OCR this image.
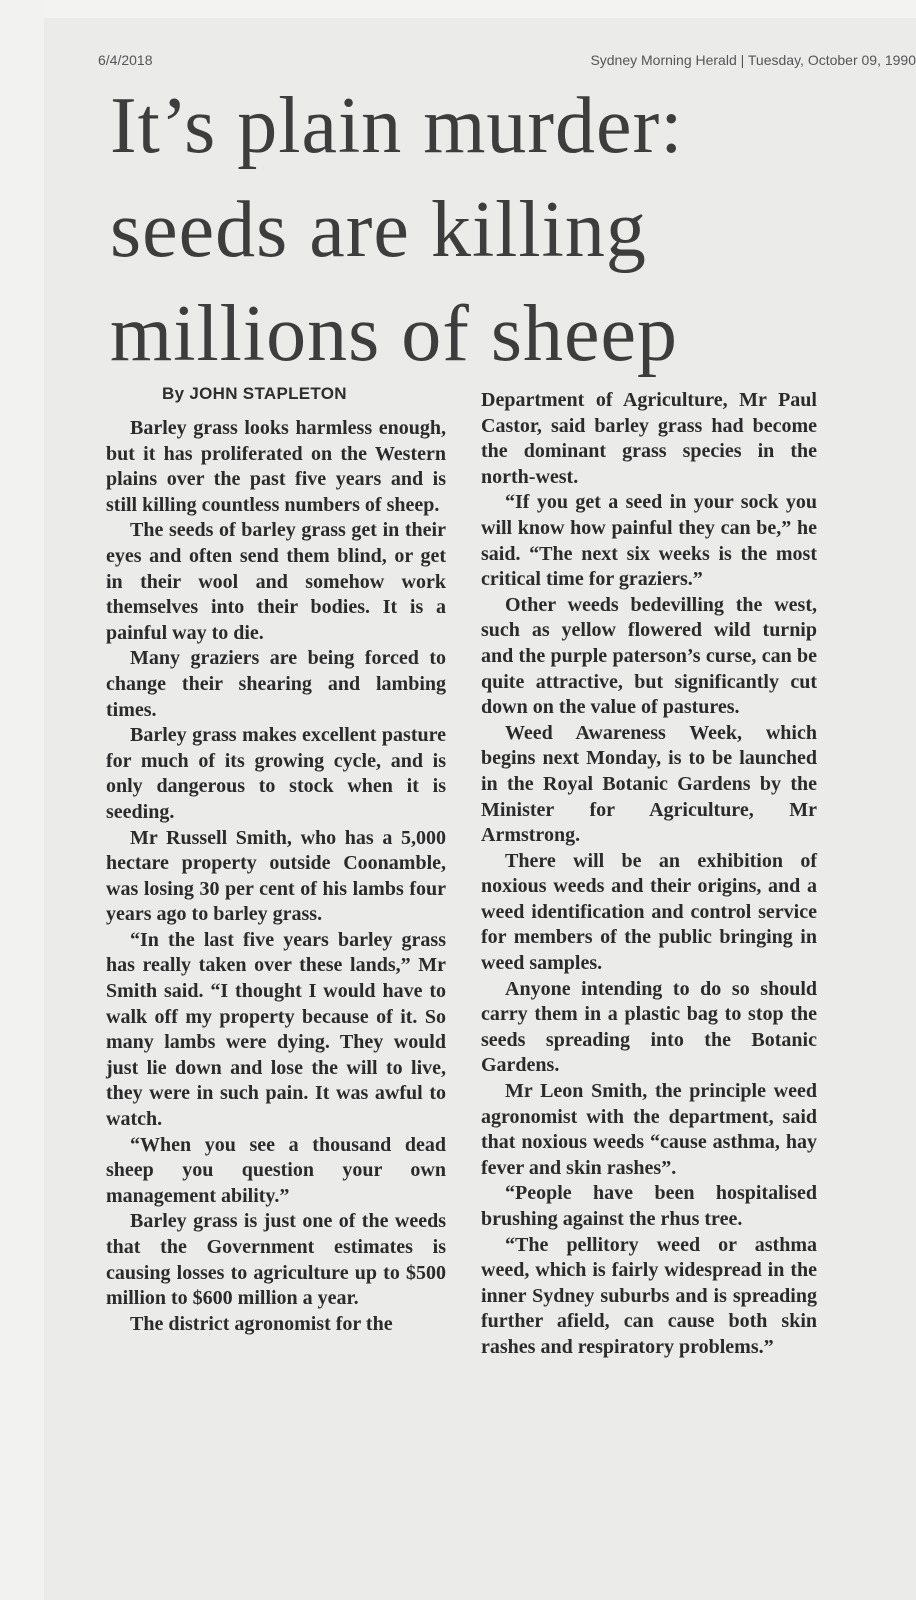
6/4/2018	Sydney Morning Herald | Tuesday, October 09, 1990
It’s plain murder:
seeds are killing
millions of sheep
By JOHN STAPLETON

Barley grass looks harmless enough, but it has proliferated on the Western plains over the past five years and is still killing countless numbers of sheep.

The seeds of barley grass get in their eyes and often send them blind, or get in their wool and somehow work themselves into their bodies. It is a painful way to die.

Many graziers are being forced to change their shearing and lambing times.

Barley grass makes excellent pasture for much of its growing cycle, and is only dangerous to stock when it is seeding.

Mr Russell Smith, who has a 5,000 hectare property outside Coonamble, was losing 30 per cent of his lambs four years ago to barley grass.

“In the last five years barley grass has really taken over these lands,” Mr Smith said. “I thought I would have to walk off my property because of it. So many lambs were dying. They would just lie down and lose the will to live, they were in such pain. It was awful to watch.

“When you see a thousand dead sheep you question your own management ability.”

Barley grass is just one of the weeds that the Government estimates is causing losses to agriculture up to $500 million to $600 million a year.

The district agronomist for the

Department of Agriculture, Mr Paul Castor, said barley grass had become the dominant grass species in the north-west.

“If you get a seed in your sock you will know how painful they can be,” he said. “The next six weeks is the most critical time for graziers.”

Other weeds bedevilling the west, such as yellow flowered wild turnip and the purple paterson’s curse, can be quite attractive, but significantly cut down on the value of pastures.

Weed Awareness Week, which begins next Monday, is to be launched in the Royal Botanic Gardens by the Minister for Agriculture, Mr Armstrong.

There will be an exhibition of noxious weeds and their origins, and a weed identification and control service for members of the public bringing in weed samples.

Anyone intending to do so should carry them in a plastic bag to stop the seeds spreading into the Botanic Gardens.

Mr Leon Smith, the principle weed agronomist with the department, said that noxious weeds “cause asthma, hay fever and skin rashes”.

“People have been hospitalised brushing against the rhus tree.

“The pellitory weed or asthma weed, which is fairly widespread in the inner Sydney suburbs and is spreading further afield, can cause both skin rashes and respiratory problems.”
